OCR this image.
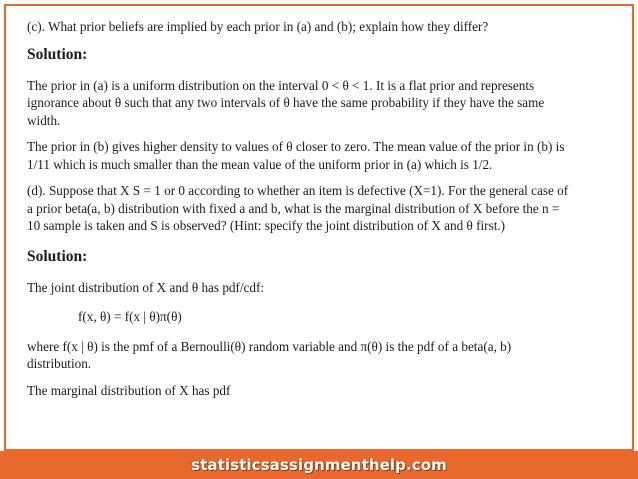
(c). What prior beliefs are implied by each prior in (a) and (b); explain how they differ?

Solution:

The prior in (a) is a uniform distribution on the interval 0 < θ < 1. It is a flat prior and represents

ignorance about θ such that any two intervals of θ have the same probability if they have the same

width.

The prior in (b) gives higher density to values of θ closer to zero. The mean value of the prior in (b) is

1/11 which is much smaller than the mean value of the uniform prior in (a) which is 1/2.

(d). Suppose that X S = 1 or 0 according to whether an item is defective (X=1). For the general case of

a prior beta(a, b) distribution with fixed a and b, what is the marginal distribution of X before the n =

10 sample is taken and S is observed? (Hint: specify the joint distribution of X and θ first.)

Solution:

The joint distribution of X and θ has pdf/cdf:

f(x, θ) = f(x | θ)π(θ)

where f(x | θ) is the pmf of a Bernoulli(θ) random variable and π(θ) is the pdf of a beta(a, b)

distribution.

The marginal distribution of X has pdf

statisticsassignmenthelp.com
